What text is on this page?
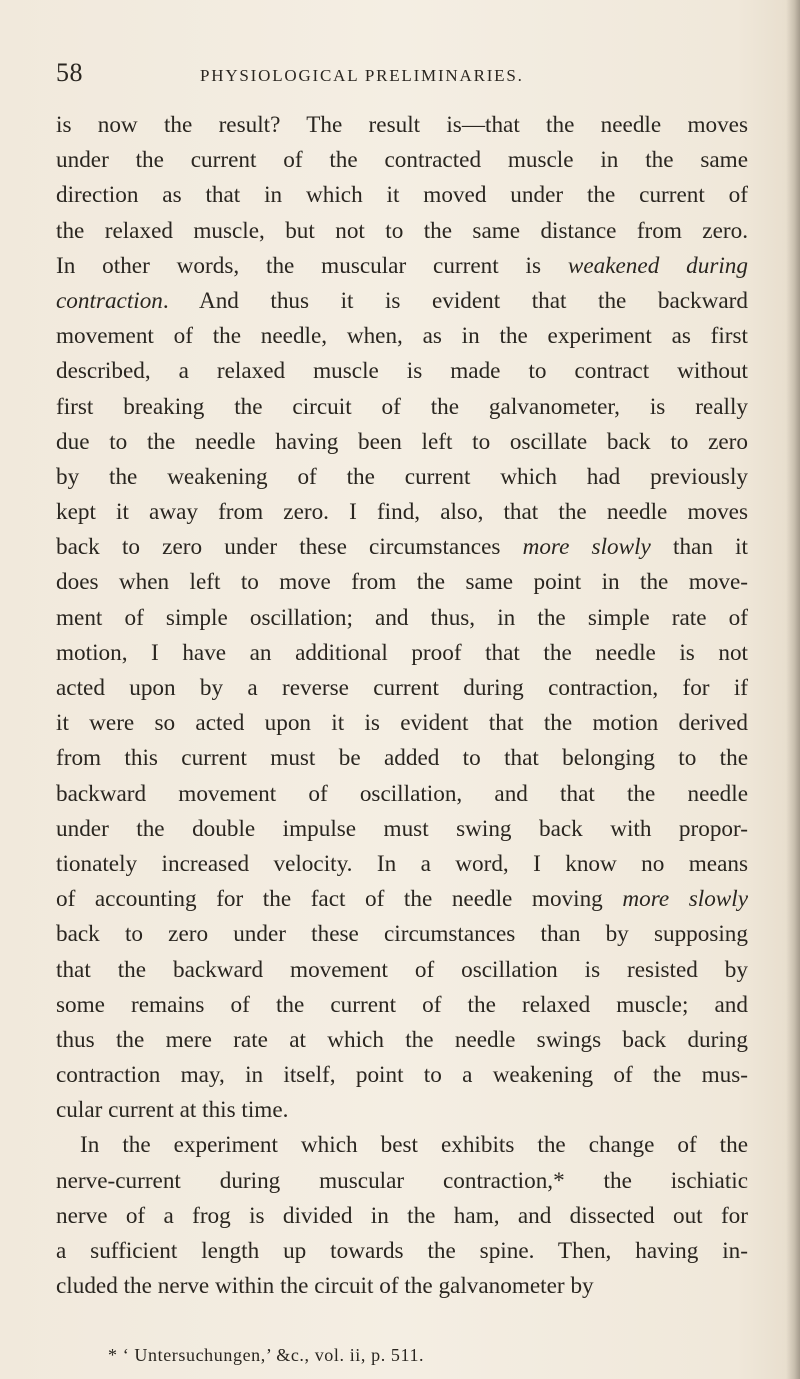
58	PHYSIOLOGICAL PRELIMINARIES.
is now the result? The result is—that the needle moves
under the current of the contracted muscle in the same
direction as that in which it moved under the current of
the relaxed muscle, but not to the same distance from zero.
In other words, the muscular current is weakened during
contraction. And thus it is evident that the backward
movement of the needle, when, as in the experiment as first
described, a relaxed muscle is made to contract without
first breaking the circuit of the galvanometer, is really
due to the needle having been left to oscillate back to zero
by the weakening of the current which had previously
kept it away from zero. I find, also, that the needle moves
back to zero under these circumstances more slowly than it
does when left to move from the same point in the move-
ment of simple oscillation; and thus, in the simple rate of
motion, I have an additional proof that the needle is not
acted upon by a reverse current during contraction, for if
it were so acted upon it is evident that the motion derived
from this current must be added to that belonging to the
backward movement of oscillation, and that the needle
under the double impulse must swing back with propor-
tionately increased velocity. In a word, I know no means
of accounting for the fact of the needle moving more slowly
back to zero under these circumstances than by supposing
that the backward movement of oscillation is resisted by
some remains of the current of the relaxed muscle; and
thus the mere rate at which the needle swings back during
contraction may, in itself, point to a weakening of the mus-
cular current at this time.
In the experiment which best exhibits the change of the
nerve-current during muscular contraction,* the ischiatic
nerve of a frog is divided in the ham, and dissected out for
a sufficient length up towards the spine. Then, having in-
cluded the nerve within the circuit of the galvanometer by
* ‘ Untersuchungen,’ &c., vol. ii, p. 511.
